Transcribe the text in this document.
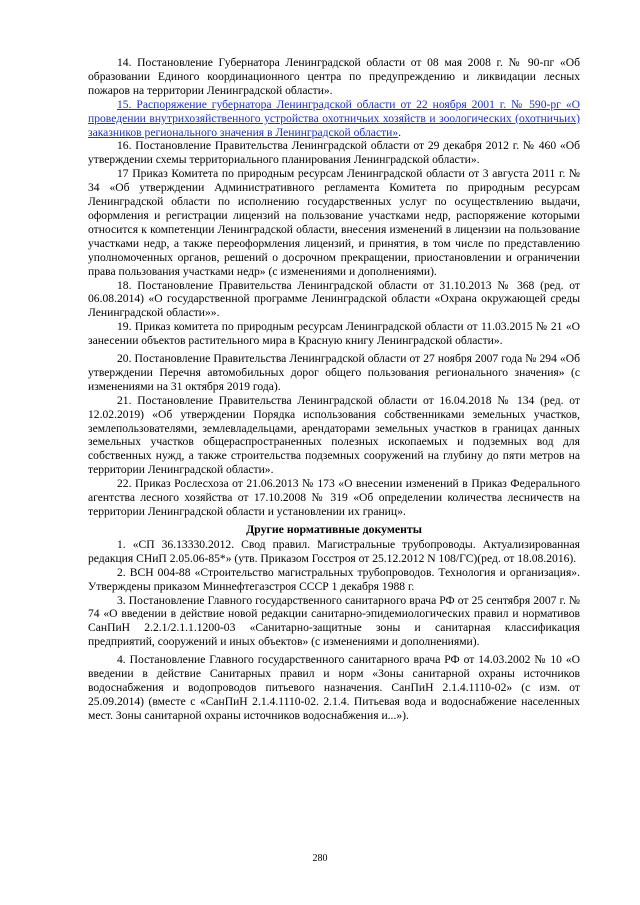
14. Постановление Губернатора Ленинградской области от 08 мая 2008 г. № 90-пг «Об образовании Единого координационного центра по предупреждению и ликвидации лесных пожаров на территории Ленинградской области».

15. Распоряжение губернатора Ленинградской области от 22 ноября 2001 г. № 590-рг «О проведении внутрихозяйственного устройства охотничьих хозяйств и зоологических (охотничьих) заказников регионального значения в Ленинградской области».

16. Постановление Правительства Ленинградской области от 29 декабря 2012 г. № 460 «Об утверждении схемы территориального планирования Ленинградской области».

17 Приказ Комитета по природным ресурсам Ленинградской области от 3 августа 2011 г. № 34 «Об утверждении Административного регламента Комитета по природным ресурсам Ленинградской области по исполнению государственных услуг по осуществлению выдачи, оформления и регистрации лицензий на пользование участками недр, распоряжение которыми относится к компетенции Ленинградской области, внесения изменений в лицензии на пользование участками недр, а также переоформления лицензий, и принятия, в том числе по представлению уполномоченных органов, решений о досрочном прекращении, приостановлении и ограничении права пользования участками недр» (с изменениями и дополнениями).

18. Постановление Правительства Ленинградской области от 31.10.2013 № 368 (ред. от 06.08.2014) «О государственной программе Ленинградской области «Охрана окружающей среды Ленинградской области»».

19. Приказ комитета по природным ресурсам Ленинградской области от 11.03.2015 № 21 «О занесении объектов растительного мира в Красную книгу Ленинградской области».

20. Постановление Правительства Ленинградской области от 27 ноября 2007 года № 294 «Об утверждении Перечня автомобильных дорог общего пользования регионального значения» (с изменениями на 31 октября 2019 года).

21. Постановление Правительства Ленинградской области от 16.04.2018 № 134 (ред. от 12.02.2019) «Об утверждении Порядка использования собственниками земельных участков, землепользователями, землевладельцами, арендаторами земельных участков в границах данных земельных участков общераспространенных полезных ископаемых и подземных вод для собственных нужд, а также строительства подземных сооружений на глубину до пяти метров на территории Ленинградской области».

22. Приказ Рослесхоза от 21.06.2013 № 173 «О внесении изменений в Приказ Федерального агентства лесного хозяйства от 17.10.2008 № 319 «Об определении количества лесничеств на территории Ленинградской области и установлении их границ».

Другие нормативные документы

1. «СП 36.13330.2012. Свод правил. Магистральные трубопроводы. Актуализированная редакция СНиП 2.05.06-85*» (утв. Приказом Госстроя от 25.12.2012 N 108/ГС)(ред. от 18.08.2016).

2. ВСН 004-88 «Строительство магистральных трубопроводов. Технология и организация». Утверждены приказом Миннефтегазстроя СССР 1 декабря 1988 г.

3. Постановление Главного государственного санитарного врача РФ от 25 сентября 2007 г. № 74 «О введении в действие новой редакции санитарно-эпидемиологических правил и нормативов СанПиН 2.2.1/2.1.1.1200-03 «Санитарно-защитные зоны и санитарная классификация предприятий, сооружений и иных объектов» (с изменениями и дополнениями).

4. Постановление Главного государственного санитарного врача РФ от 14.03.2002 № 10 «О введении в действие Санитарных правил и норм «Зоны санитарной охраны источников водоснабжения и водопроводов питьевого назначения. СанПиН 2.1.4.1110-02» (с изм. от 25.09.2014) (вместе с «СанПиН 2.1.4.1110-02. 2.1.4. Питьевая вода и водоснабжение населенных мест. Зоны санитарной охраны источников водоснабжения и...»).

280
